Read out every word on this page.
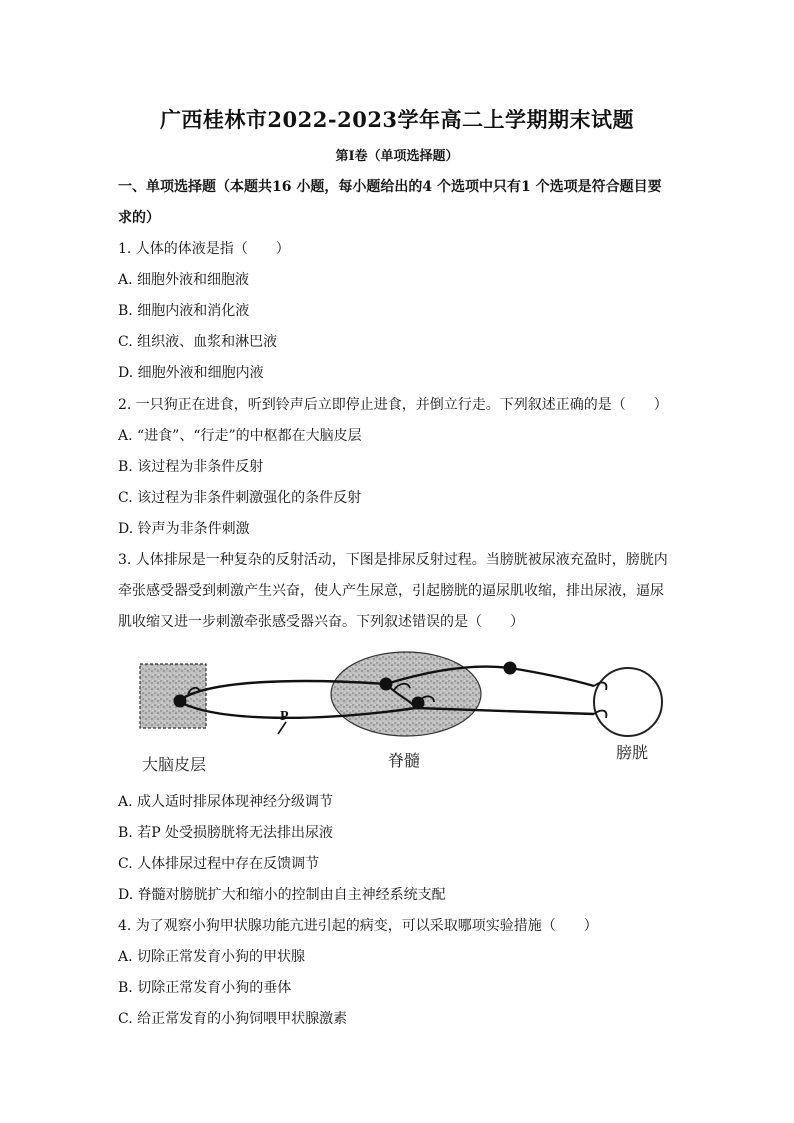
广西桂林市2022-2023学年高二上学期期末试题
第Ⅰ卷（单项选择题）
一、单项选择题（本题共16 小题，每小题给出的4 个选项中只有1 个选项是符合题目要
求的）
1. 人体的体液是指（　　）
A. 细胞外液和细胞液
B. 细胞内液和消化液
C. 组织液、血浆和淋巴液
D. 细胞外液和细胞内液
2. 一只狗正在进食，听到铃声后立即停止进食，并倒立行走。下列叙述正确的是（　　）
A. “进食”、“行走”的中枢都在大脑皮层
B. 该过程为非条件反射
C. 该过程为非条件刺激强化的条件反射
D. 铃声为非条件刺激
3. 人体排尿是一种复杂的反射活动，下图是排尿反射过程。当膀胱被尿液充盈时，膀胱内
牵张感受器受到刺激产生兴奋，使人产生尿意，引起膀胱的逼尿肌收缩，排出尿液，逼尿
肌收缩又进一步刺激牵张感受器兴奋。下列叙述错误的是（　　）
P
大脑皮层	脊髓	膀胱
A. 成人适时排尿体现神经分级调节
B. 若P 处受损膀胱将无法排出尿液
C. 人体排尿过程中存在反馈调节
D. 脊髓对膀胱扩大和缩小的控制由自主神经系统支配
4. 为了观察小狗甲状腺功能亢进引起的病变，可以采取哪项实验措施（　　）
A. 切除正常发育小狗的甲状腺
B. 切除正常发育小狗的垂体
C. 给正常发育的小狗饲喂甲状腺激素
